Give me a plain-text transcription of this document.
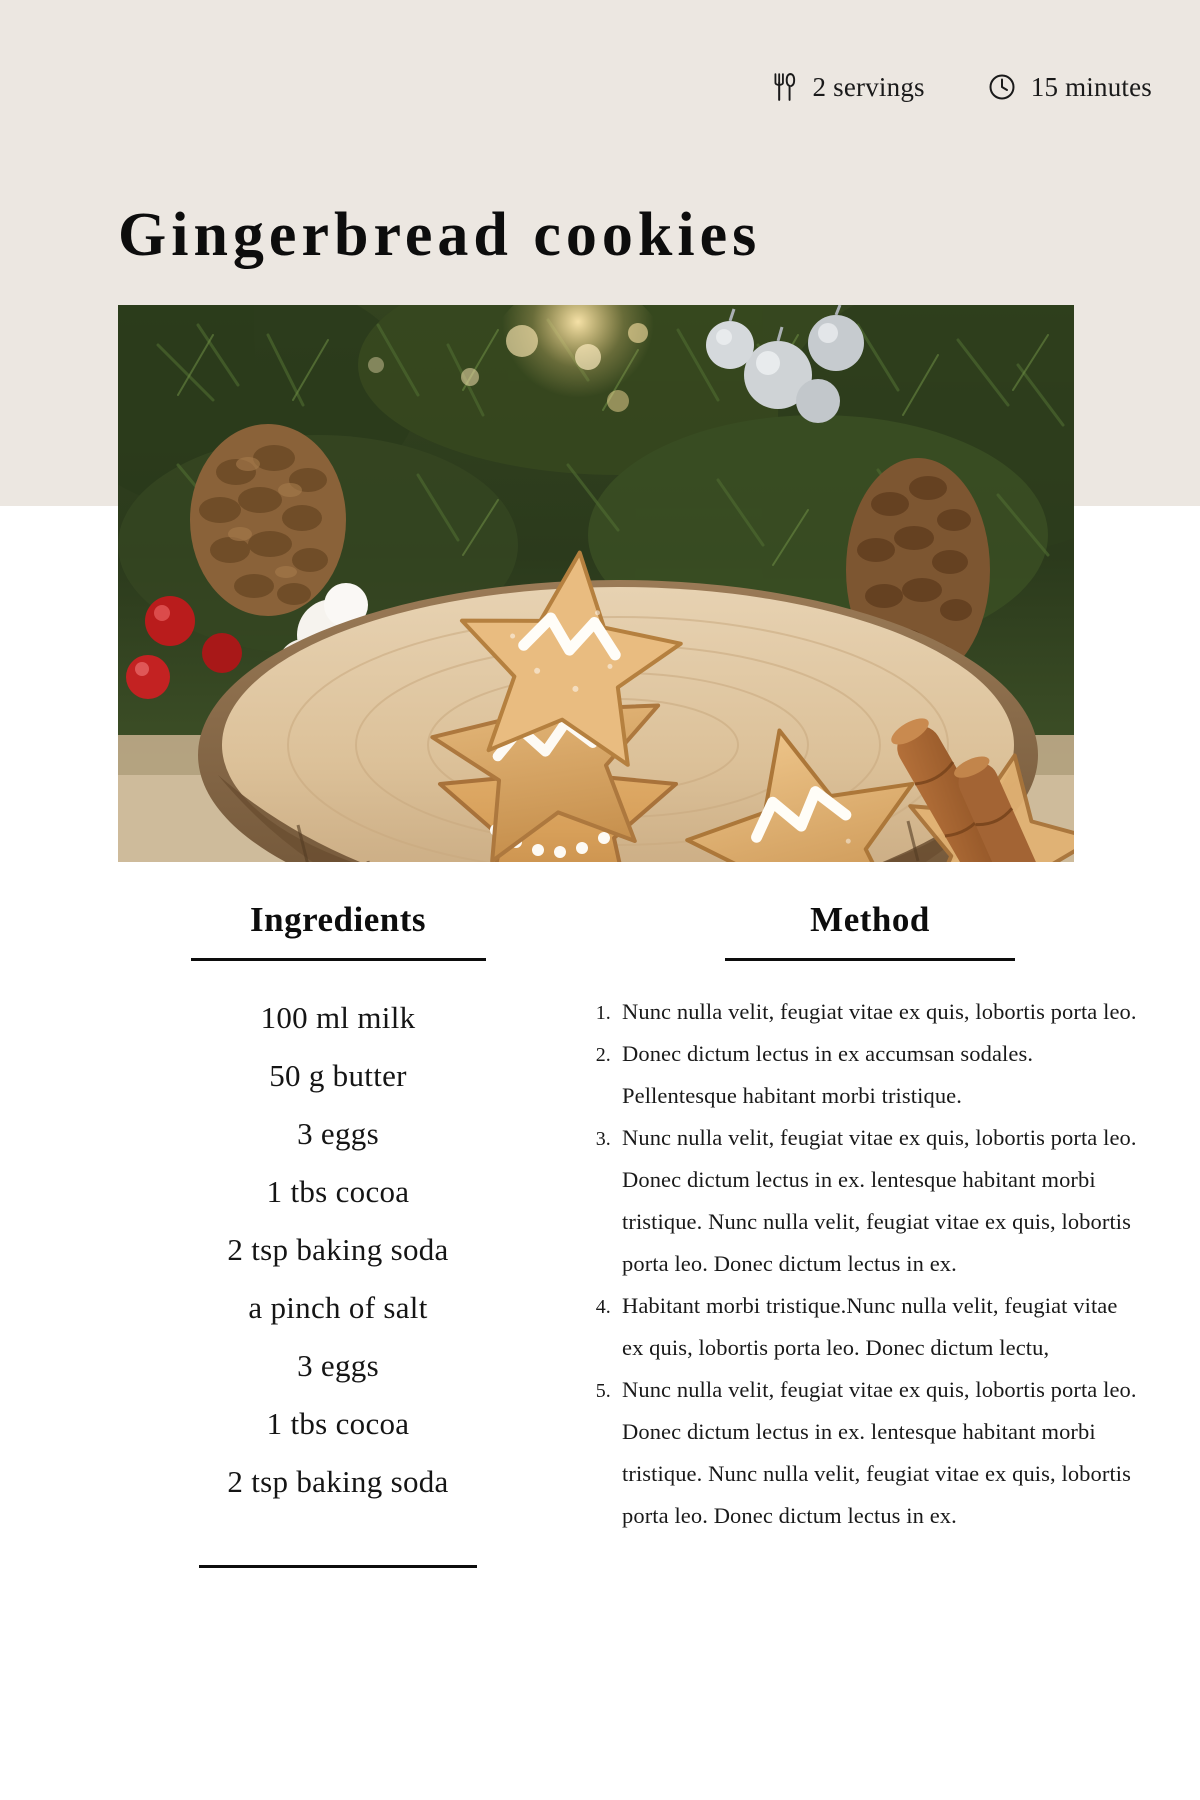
2 servings	15 minutes
Gingerbread cookies
Ingredients
100 ml milk
50 g butter
3 eggs
1 tbs cocoa
2 tsp baking soda
a pinch of salt
3 eggs
1 tbs cocoa
2 tsp baking soda
Method
1. Nunc nulla velit, feugiat vitae ex quis, lobortis porta leo.
2. Donec dictum lectus in ex accumsan sodales. Pellentesque habitant morbi tristique.
3. Nunc nulla velit, feugiat vitae ex quis, lobortis porta leo. Donec dictum lectus in ex. lentesque habitant morbi tristique. Nunc nulla velit, feugiat vitae ex quis, lobortis porta leo. Donec dictum lectus in ex.
4. Habitant morbi tristique.Nunc nulla velit, feugiat vitae ex quis, lobortis porta leo. Donec dictum lectu,
5. Nunc nulla velit, feugiat vitae ex quis, lobortis porta leo. Donec dictum lectus in ex. lentesque habitant morbi tristique. Nunc nulla velit, feugiat vitae ex quis, lobortis porta leo. Donec dictum lectus in ex.
